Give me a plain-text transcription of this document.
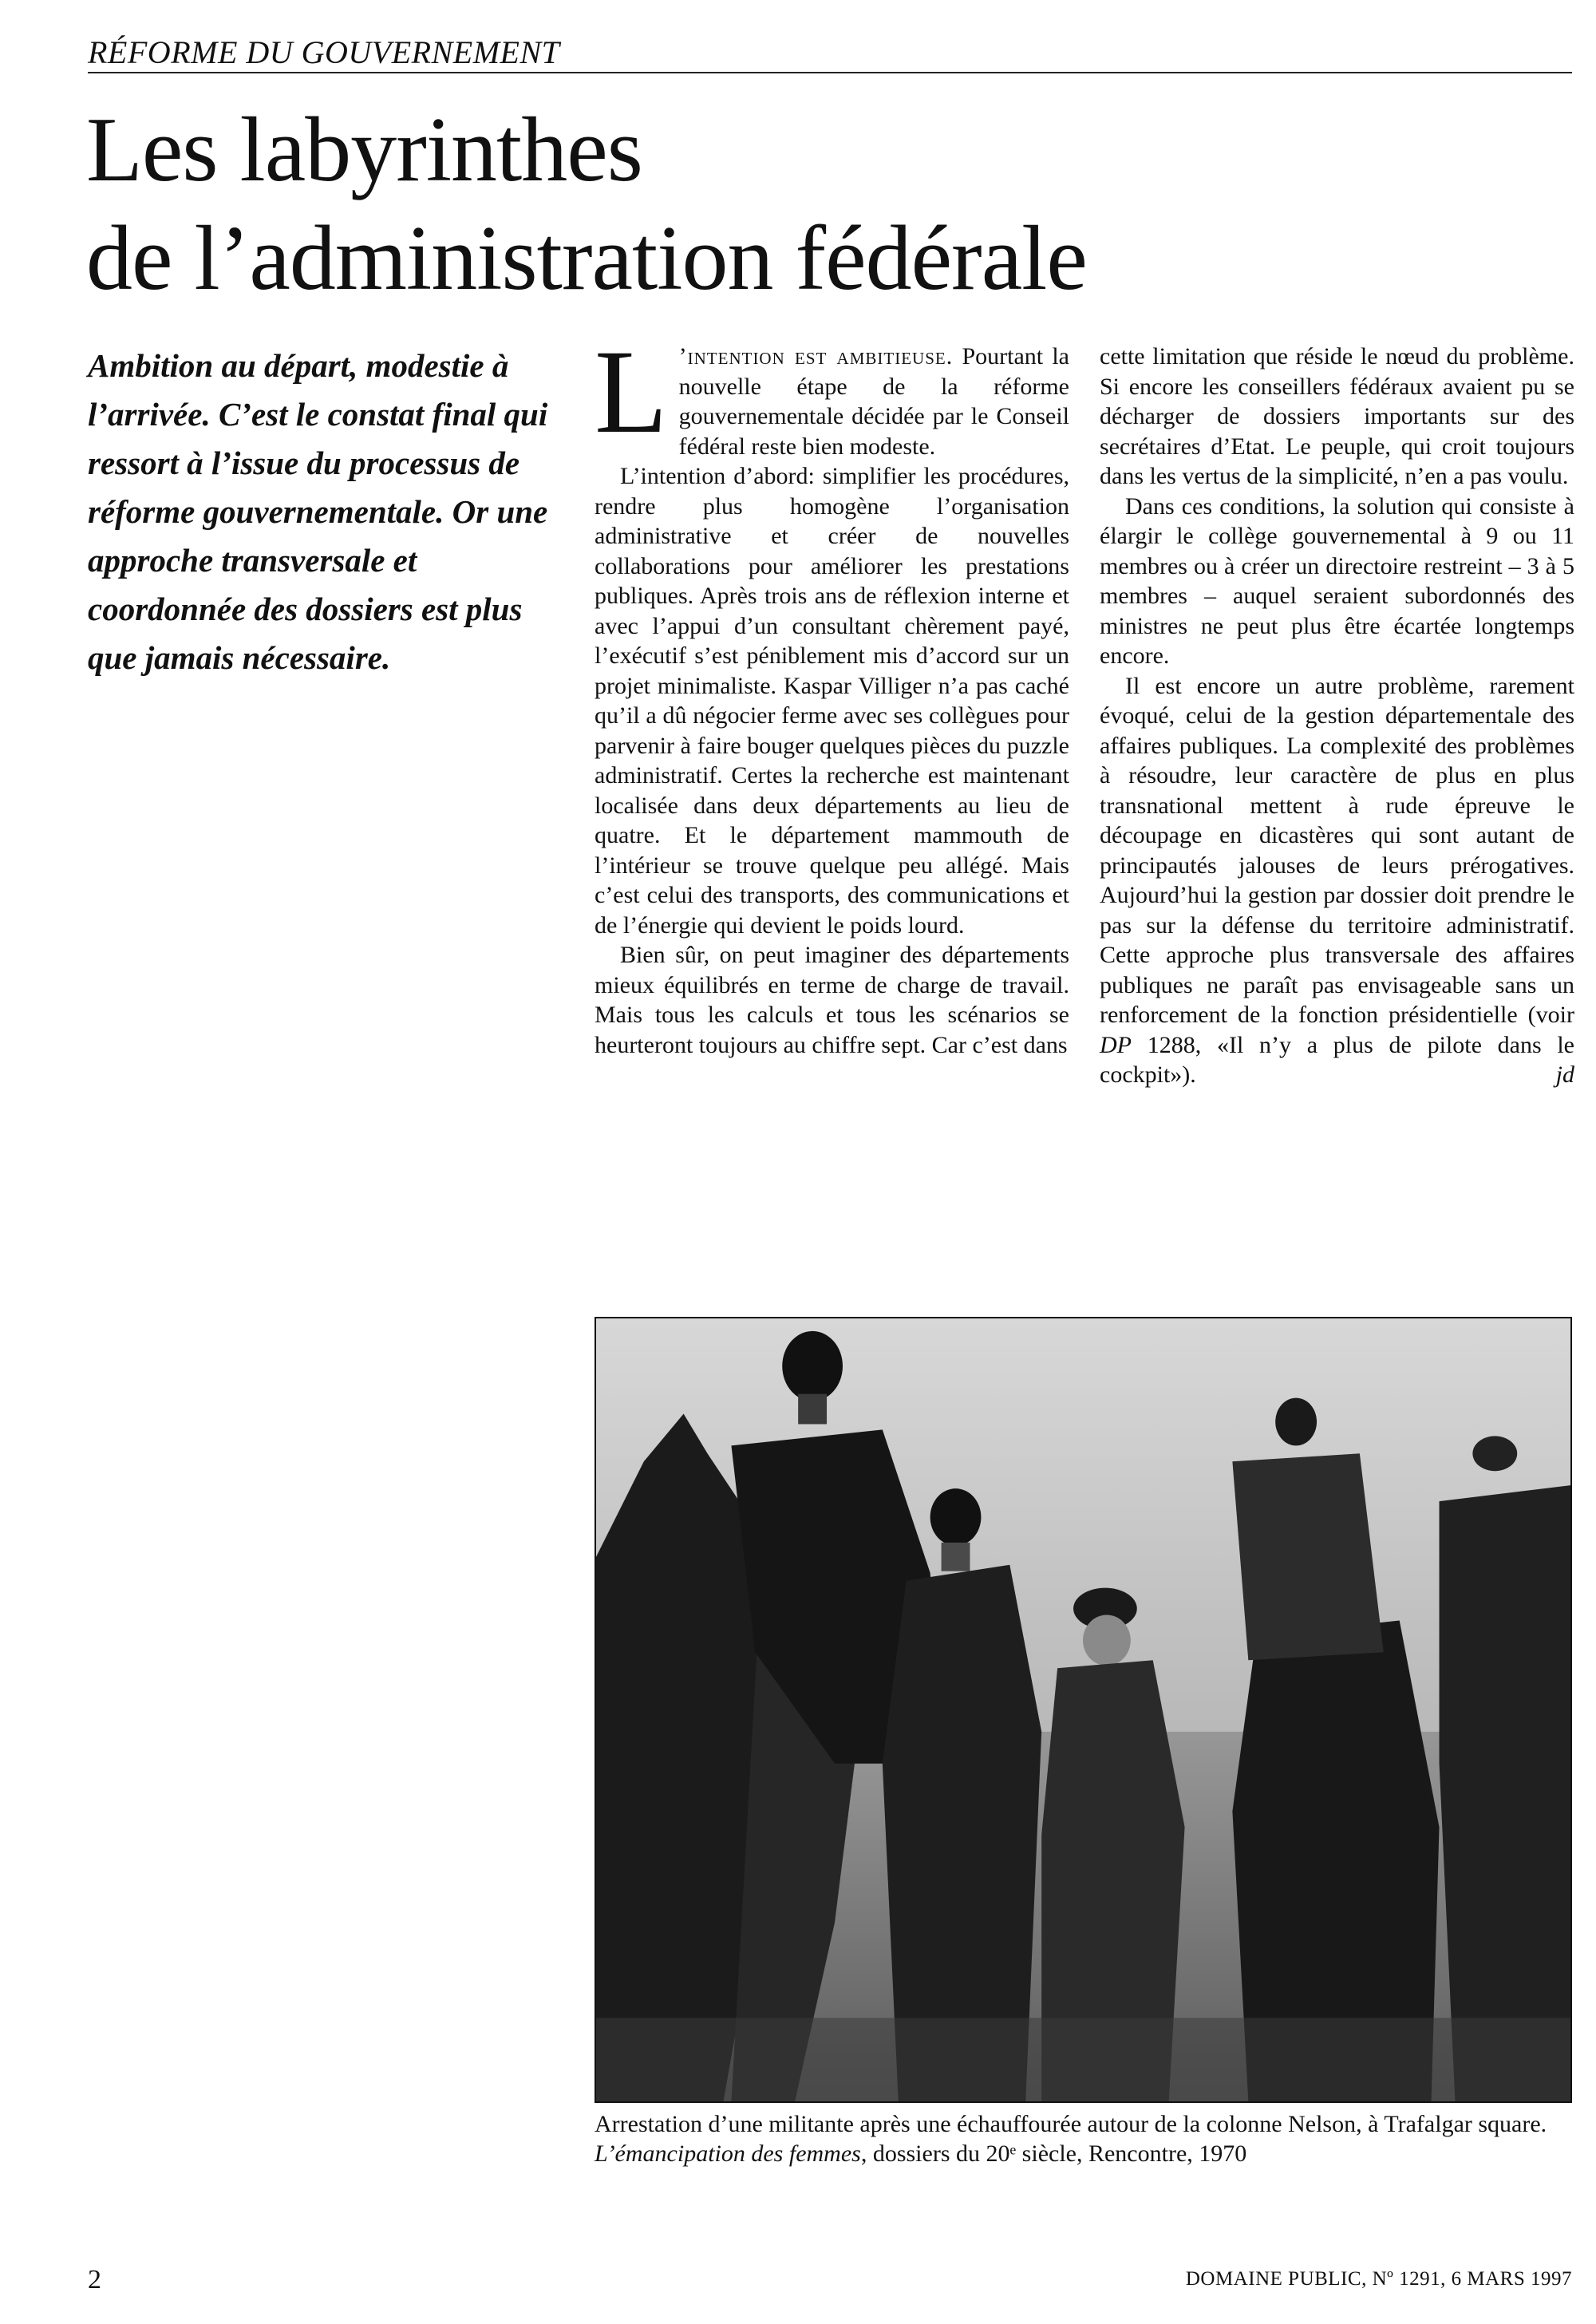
RÉFORME DU GOUVERNEMENT
Les labyrinthes
de l’administration fédérale
Ambition au départ, modestie à l’arrivée. C’est le constat final qui ressort à l’issue du processus de réforme gouvernementale. Or une approche transversale et coordonnée des dossiers est plus que jamais nécessaire.

L ’intention est ambitieuse. Pourtant la nouvelle étape de la réforme gouvernementale décidée par le Conseil fédéral reste bien modeste.

L’intention d’abord: simplifier les procédures, rendre plus homogène l’organisation administrative et créer de nouvelles collaborations pour améliorer les prestations publiques. Après trois ans de réflexion interne et avec l’appui d’un consultant chèrement payé, l’exécutif s’est péniblement mis d’accord sur un projet minimaliste. Kaspar Villiger n’a pas caché qu’il a dû négocier ferme avec ses collègues pour parvenir à faire bouger quelques pièces du puzzle administratif. Certes la recherche est maintenant localisée dans deux départements au lieu de quatre. Et le département mammouth de l’intérieur se trouve quelque peu allégé. Mais c’est celui des transports, des communications et de l’énergie qui devient le poids lourd.

Bien sûr, on peut imaginer des départements mieux équilibrés en terme de charge de travail. Mais tous les calculs et tous les scénarios se heurteront toujours au chiffre sept. Car c’est dans

cette limitation que réside le nœud du problème. Si encore les conseillers fédéraux avaient pu se décharger de dossiers importants sur des secrétaires d’Etat. Le peuple, qui croit toujours dans les vertus de la simplicité, n’en a pas voulu.

Dans ces conditions, la solution qui consiste à élargir le collège gouvernemental à 9 ou 11 membres ou à créer un directoire restreint – 3 à 5 membres – auquel seraient subordonnés des ministres ne peut plus être écartée longtemps encore.

Il est encore un autre problème, rarement évoqué, celui de la gestion départementale des affaires publiques. La complexité des problèmes à résoudre, leur caractère de plus en plus transnational mettent à rude épreuve le découpage en dicastères qui sont autant de principautés jalouses de leurs prérogatives. Aujourd’hui la gestion par dossier doit prendre le pas sur la défense du territoire administratif. Cette approche plus transversale des affaires publiques ne paraît pas envisageable sans un renforcement de la fonction présidentielle (voir DP 1288, «Il n’y a plus de pilote dans le cockpit»).	jd

Arrestation d’une militante après une échauffourée autour de la colonne Nelson, à Trafalgar square.
L’émancipation des femmes, dossiers du 20ᵉ siècle, Rencontre, 1970
2	DOMAINE PUBLIC, Nº 1291, 6 MARS 1997
